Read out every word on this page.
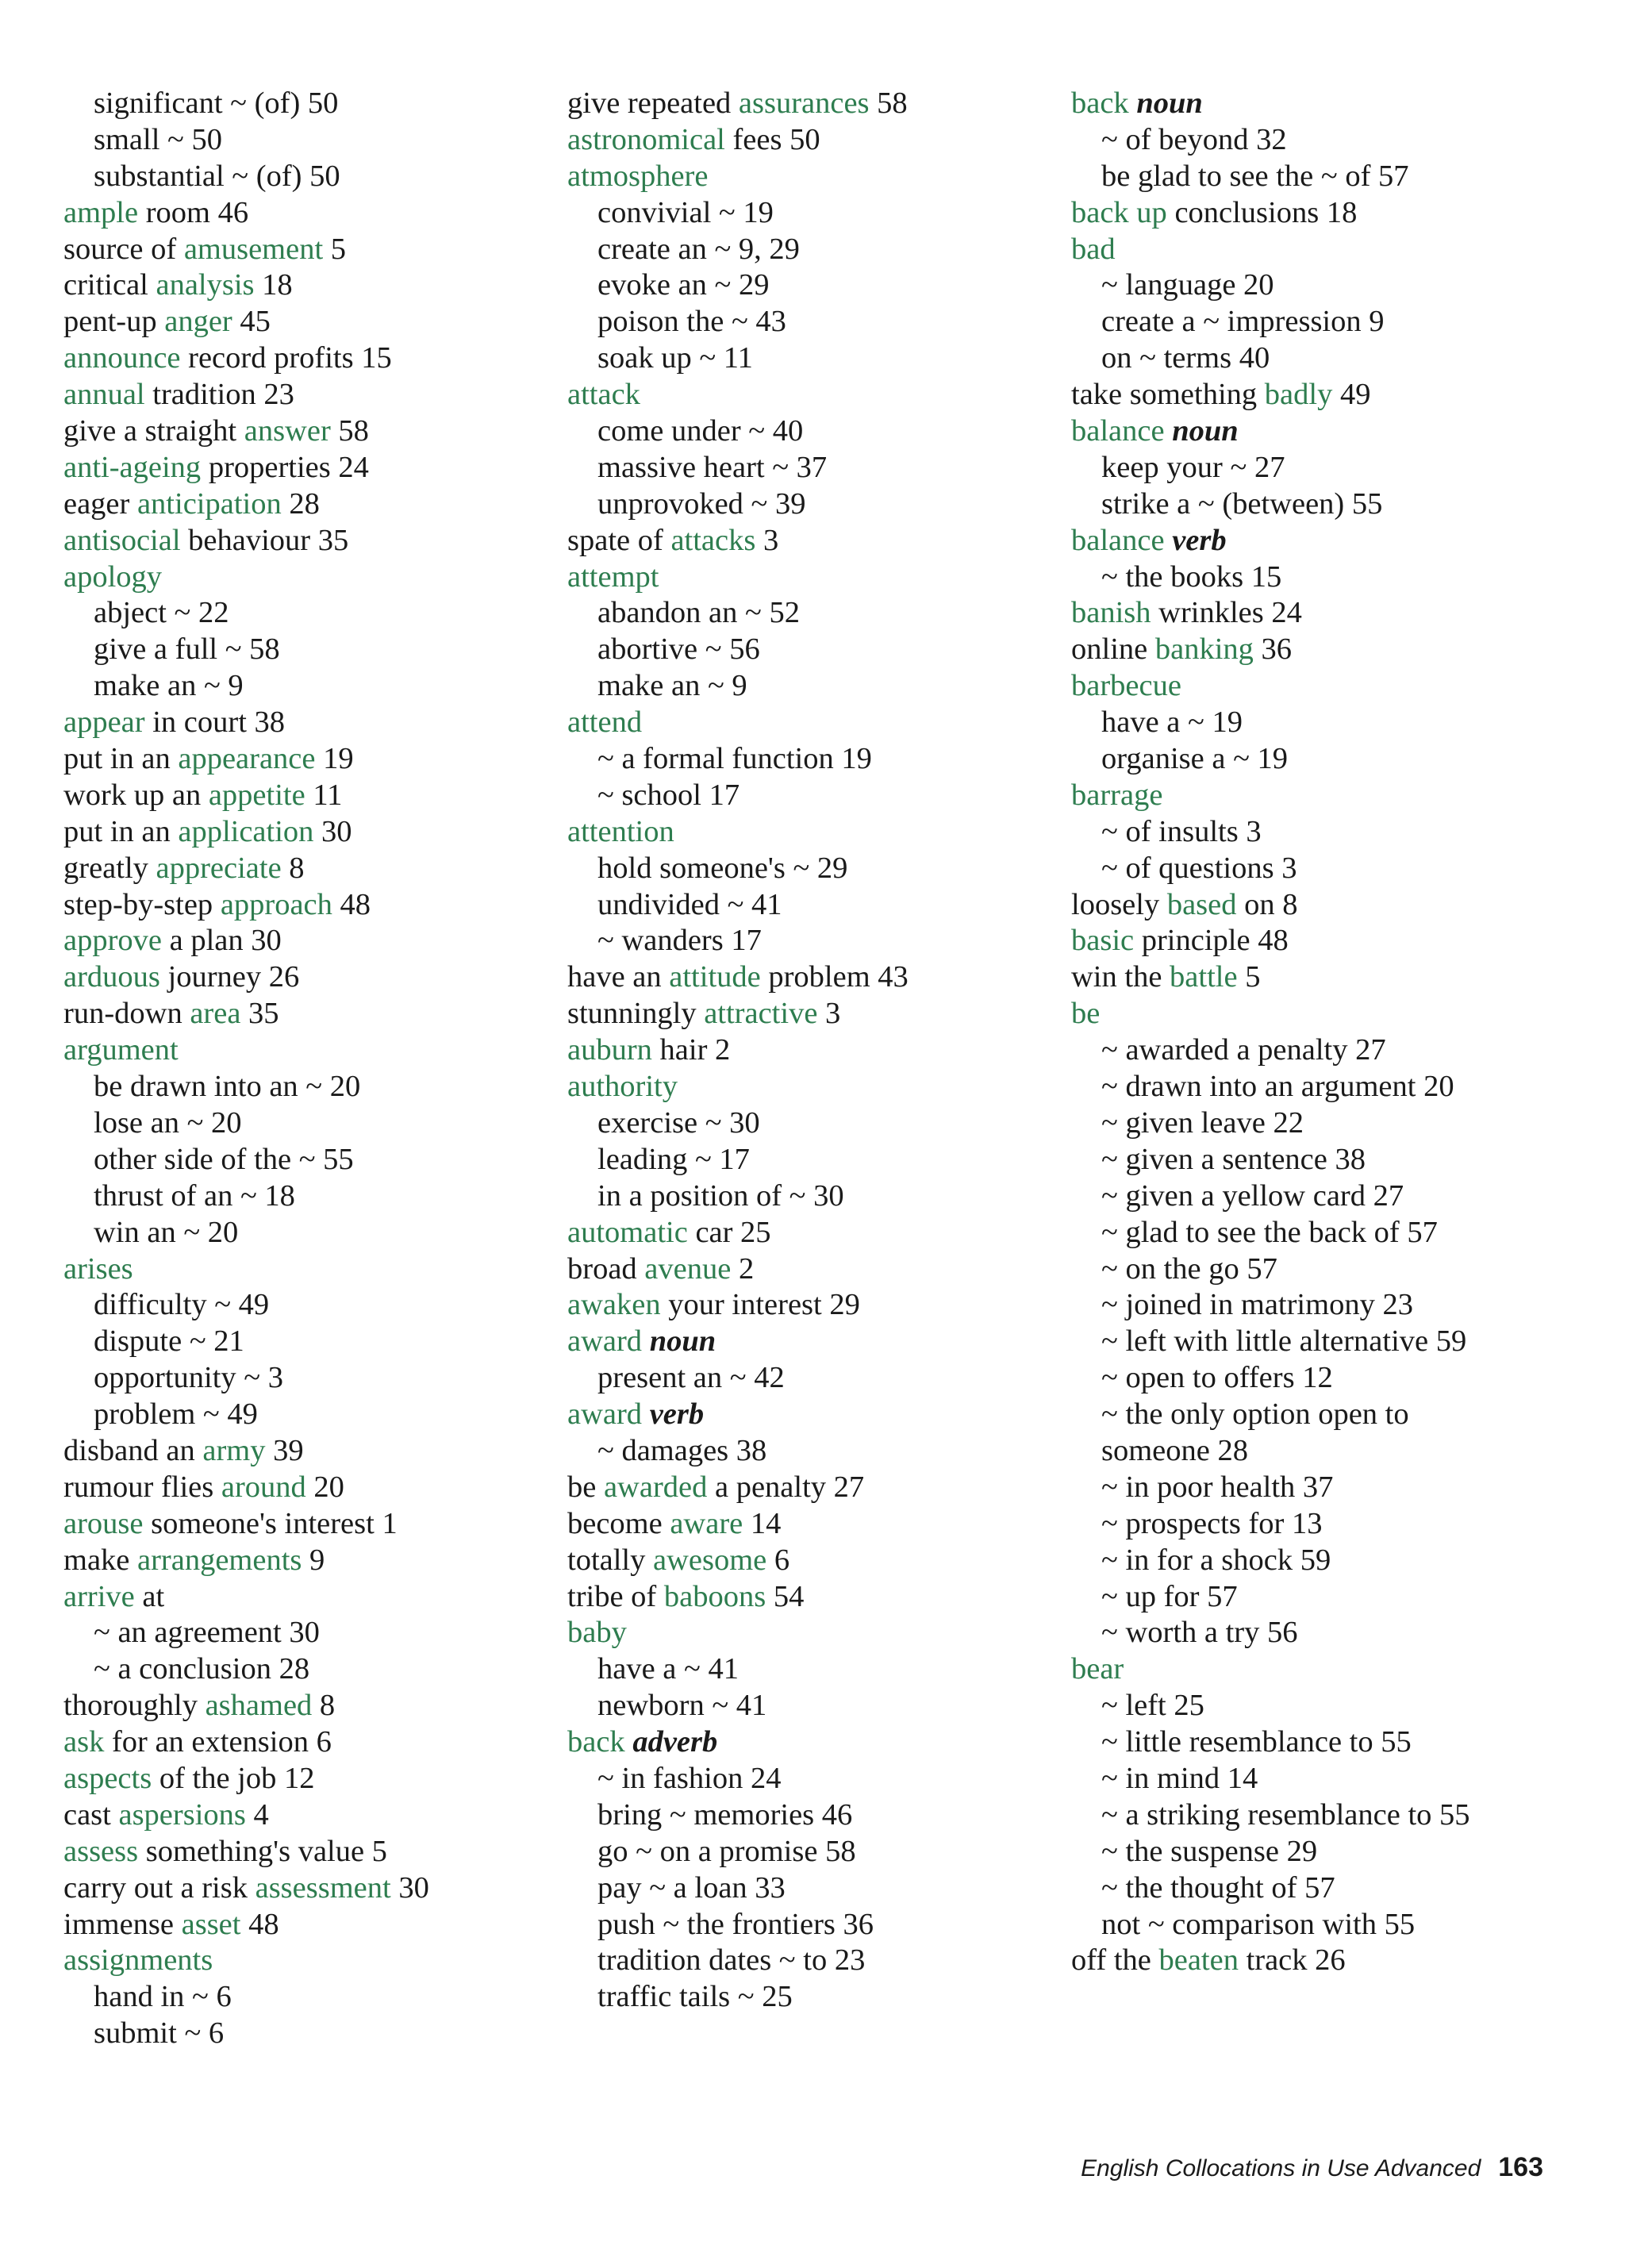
significant ~ (of) 50
small ~ 50
substantial ~ (of) 50
ample room 46
source of amusement 5
critical analysis 18
pent-up anger 45
announce record profits 15
annual tradition 23
give a straight answer 58
anti-ageing properties 24
eager anticipation 28
antisocial behaviour 35
apology
abject ~ 22
give a full ~ 58
make an ~ 9
appear in court 38
put in an appearance 19
work up an appetite 11
put in an application 30
greatly appreciate 8
step-by-step approach 48
approve a plan 30
arduous journey 26
run-down area 35
argument
be drawn into an ~ 20
lose an ~ 20
other side of the ~ 55
thrust of an ~ 18
win an ~ 20
arises
difficulty ~ 49
dispute ~ 21
opportunity ~ 3
problem ~ 49
disband an army 39
rumour flies around 20
arouse someone's interest 1
make arrangements 9
arrive at
~ an agreement 30
~ a conclusion 28
thoroughly ashamed 8
ask for an extension 6
aspects of the job 12
cast aspersions 4
assess something's value 5
carry out a risk assessment 30
immense asset 48
assignments
hand in ~ 6
submit ~ 6
give repeated assurances 58
astronomical fees 50
atmosphere
convivial ~ 19
create an ~ 9, 29
evoke an ~ 29
poison the ~ 43
soak up ~ 11
attack
come under ~ 40
massive heart ~ 37
unprovoked ~ 39
spate of attacks 3
attempt
abandon an ~ 52
abortive ~ 56
make an ~ 9
attend
~ a formal function 19
~ school 17
attention
hold someone's ~ 29
undivided ~ 41
~ wanders 17
have an attitude problem 43
stunningly attractive 3
auburn hair 2
authority
exercise ~ 30
leading ~ 17
in a position of ~ 30
automatic car 25
broad avenue 2
awaken your interest 29
award noun
present an ~ 42
award verb
~ damages 38
be awarded a penalty 27
become aware 14
totally awesome 6
tribe of baboons 54
baby
have a ~ 41
newborn ~ 41
back adverb
~ in fashion 24
bring ~ memories 46
go ~ on a promise 58
pay ~ a loan 33
push ~ the frontiers 36
tradition dates ~ to 23
traffic tails ~ 25
back noun
~ of beyond 32
be glad to see the ~ of 57
back up conclusions 18
bad
~ language 20
create a ~ impression 9
on ~ terms 40
take something badly 49
balance noun
keep your ~ 27
strike a ~ (between) 55
balance verb
~ the books 15
banish wrinkles 24
online banking 36
barbecue
have a ~ 19
organise a ~ 19
barrage
~ of insults 3
~ of questions 3
loosely based on 8
basic principle 48
win the battle 5
be
~ awarded a penalty 27
~ drawn into an argument 20
~ given leave 22
~ given a sentence 38
~ given a yellow card 27
~ glad to see the back of 57
~ on the go 57
~ joined in matrimony 23
~ left with little alternative 59
~ open to offers 12
~ the only option open to
someone 28
~ in poor health 37
~ prospects for 13
~ in for a shock 59
~ up for 57
~ worth a try 56
bear
~ left 25
~ little resemblance to 55
~ in mind 14
~ a striking resemblance to 55
~ the suspense 29
~ the thought of 57
not ~ comparison with 55
off the beaten track 26
English Collocations in Use Advanced 163
